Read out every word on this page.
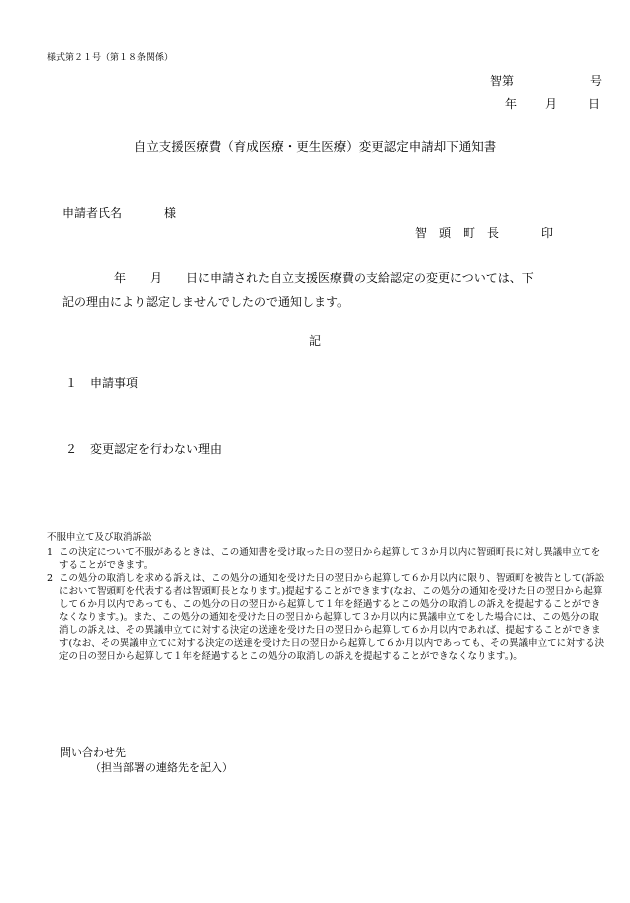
様式第２１号（第１８条関係）
智第	号
年 月	日
自立支援医療費（育成医療・更生医療）変更認定申請却下通知書
申請者氏名	様
智　頭　町　長	印

年　　月　　日に申請された自立支援医療費の支給認定の変更については、下

記の理由により認定しませんでしたので通知します。

記
１ 申請事項
２ 変更認定を行わない理由
不服申立て及び取消訴訟
1 この決定について不服があるときは、この通知書を受け取った日の翌日から起算して３か月以内に智頭町長に対し異議申立てをすることができます。
2 この処分の取消しを求める訴えは、この処分の通知を受けた日の翌日から起算して６か月以内に限り、智頭町を被告として(訴訟において智頭町を代表する者は智頭町長となります。)提起することができます(なお、この処分の通知を受けた日の翌日から起算して６か月以内であっても、この処分の日の翌日から起算して１年を経過するとこの処分の取消しの訴えを提起することができなくなります。)。また、この処分の通知を受けた日の翌日から起算して３か月以内に異議申立てをした場合には、この処分の取消しの訴えは、その異議申立てに対する決定の送達を受けた日の翌日から起算して６か月以内であれば、提起することができます(なお、その異議申立てに対する決定の送達を受けた日の翌日から起算して６か月以内であっても、その異議申立てに対する決定の日の翌日から起算して１年を経過するとこの処分の取消しの訴えを提起することができなくなります。)。
問い合わせ先
（担当部署の連絡先を記入）
